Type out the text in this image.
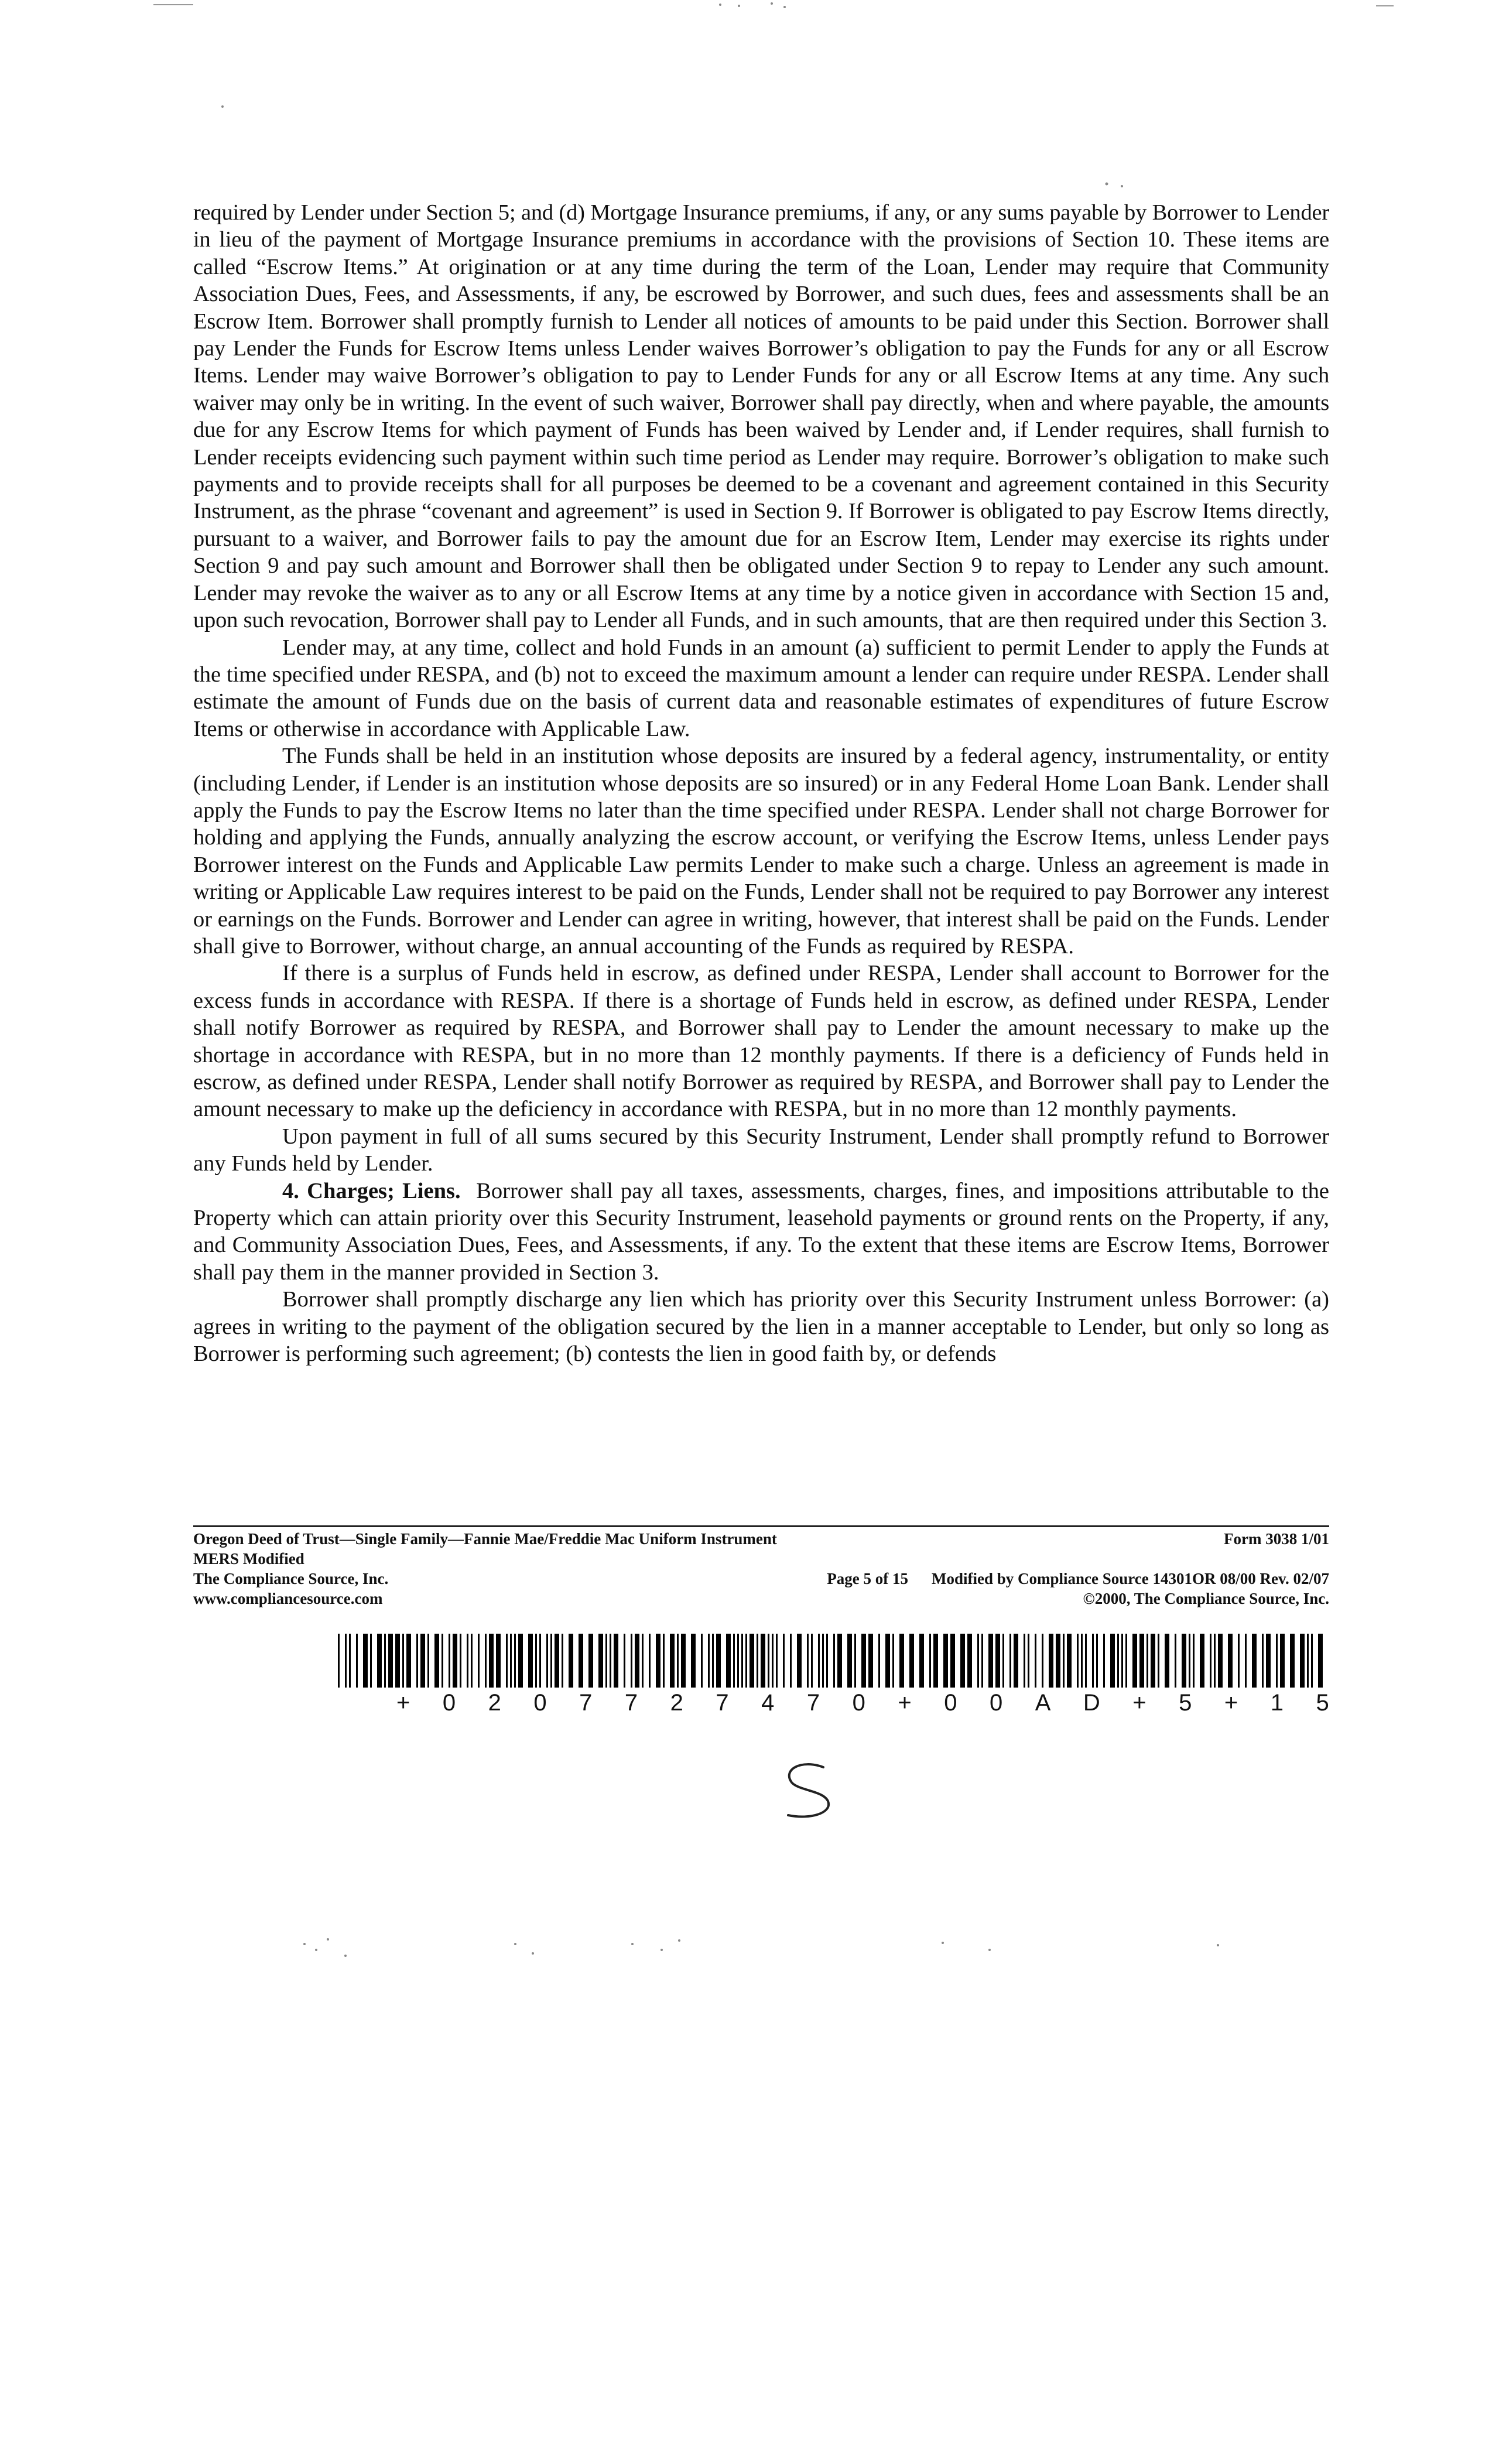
required by Lender under Section 5; and (d) Mortgage Insurance premiums, if any, or any sums payable by Borrower to Lender in lieu of the payment of Mortgage Insurance premiums in accordance with the provisions of Section 10. These items are called “Escrow Items.” At origination or at any time during the term of the Loan, Lender may require that Community Association Dues, Fees, and Assessments, if any, be escrowed by Borrower, and such dues, fees and assessments shall be an Escrow Item. Borrower shall promptly furnish to Lender all notices of amounts to be paid under this Section. Borrower shall pay Lender the Funds for Escrow Items unless Lender waives Borrower’s obligation to pay the Funds for any or all Escrow Items. Lender may waive Borrower’s obligation to pay to Lender Funds for any or all Escrow Items at any time. Any such waiver may only be in writing. In the event of such waiver, Borrower shall pay directly, when and where payable, the amounts due for any Escrow Items for which payment of Funds has been waived by Lender and, if Lender requires, shall furnish to Lender receipts evidencing such payment within such time period as Lender may require. Borrower’s obligation to make such payments and to provide receipts shall for all purposes be deemed to be a covenant and agreement contained in this Security Instrument, as the phrase “covenant and agreement” is used in Section 9. If Borrower is obligated to pay Escrow Items directly, pursuant to a waiver, and Borrower fails to pay the amount due for an Escrow Item, Lender may exercise its rights under Section 9 and pay such amount and Borrower shall then be obligated under Section 9 to repay to Lender any such amount. Lender may revoke the waiver as to any or all Escrow Items at any time by a notice given in accordance with Section 15 and, upon such revocation, Borrower shall pay to Lender all Funds, and in such amounts, that are then required under this Section 3.

Lender may, at any time, collect and hold Funds in an amount (a) sufficient to permit Lender to apply the Funds at the time specified under RESPA, and (b) not to exceed the maximum amount a lender can require under RESPA. Lender shall estimate the amount of Funds due on the basis of current data and reasonable estimates of expenditures of future Escrow Items or otherwise in accordance with Applicable Law.

The Funds shall be held in an institution whose deposits are insured by a federal agency, instrumentality, or entity (including Lender, if Lender is an institution whose deposits are so insured) or in any Federal Home Loan Bank. Lender shall apply the Funds to pay the Escrow Items no later than the time specified under RESPA. Lender shall not charge Borrower for holding and applying the Funds, annually analyzing the escrow account, or verifying the Escrow Items, unless Lender pays Borrower interest on the Funds and Applicable Law permits Lender to make such a charge. Unless an agreement is made in writing or Applicable Law requires interest to be paid on the Funds, Lender shall not be required to pay Borrower any interest or earnings on the Funds. Borrower and Lender can agree in writing, however, that interest shall be paid on the Funds. Lender shall give to Borrower, without charge, an annual accounting of the Funds as required by RESPA.

If there is a surplus of Funds held in escrow, as defined under RESPA, Lender shall account to Borrower for the excess funds in accordance with RESPA. If there is a shortage of Funds held in escrow, as defined under RESPA, Lender shall notify Borrower as required by RESPA, and Borrower shall pay to Lender the amount necessary to make up the shortage in accordance with RESPA, but in no more than 12 monthly payments. If there is a deficiency of Funds held in escrow, as defined under RESPA, Lender shall notify Borrower as required by RESPA, and Borrower shall pay to Lender the amount necessary to make up the deficiency in accordance with RESPA, but in no more than 12 monthly payments.

Upon payment in full of all sums secured by this Security Instrument, Lender shall promptly refund to Borrower any Funds held by Lender.

4. Charges; Liens. Borrower shall pay all taxes, assessments, charges, fines, and impositions attributable to the Property which can attain priority over this Security Instrument, leasehold payments or ground rents on the Property, if any, and Community Association Dues, Fees, and Assessments, if any. To the extent that these items are Escrow Items, Borrower shall pay them in the manner provided in Section 3.

Borrower shall promptly discharge any lien which has priority over this Security Instrument unless Borrower: (a) agrees in writing to the payment of the obligation secured by the lien in a manner acceptable to Lender, but only so long as Borrower is performing such agreement; (b) contests the lien in good faith by, or defends

Oregon Deed of Trust—Single Family—Fannie Mae/Freddie Mac Uniform Instrument	Form 3038 1/01
MERS Modified
The Compliance Source, Inc.	Page 5 of 15 Modified by Compliance Source 14301OR 08/00 Rev. 02/07
www.compliancesource.com	©2000, The Compliance Source, Inc.
+ 0 2 0 7 7 2 7 4 7 0 + 0 0 A D + 5 + 1 5
